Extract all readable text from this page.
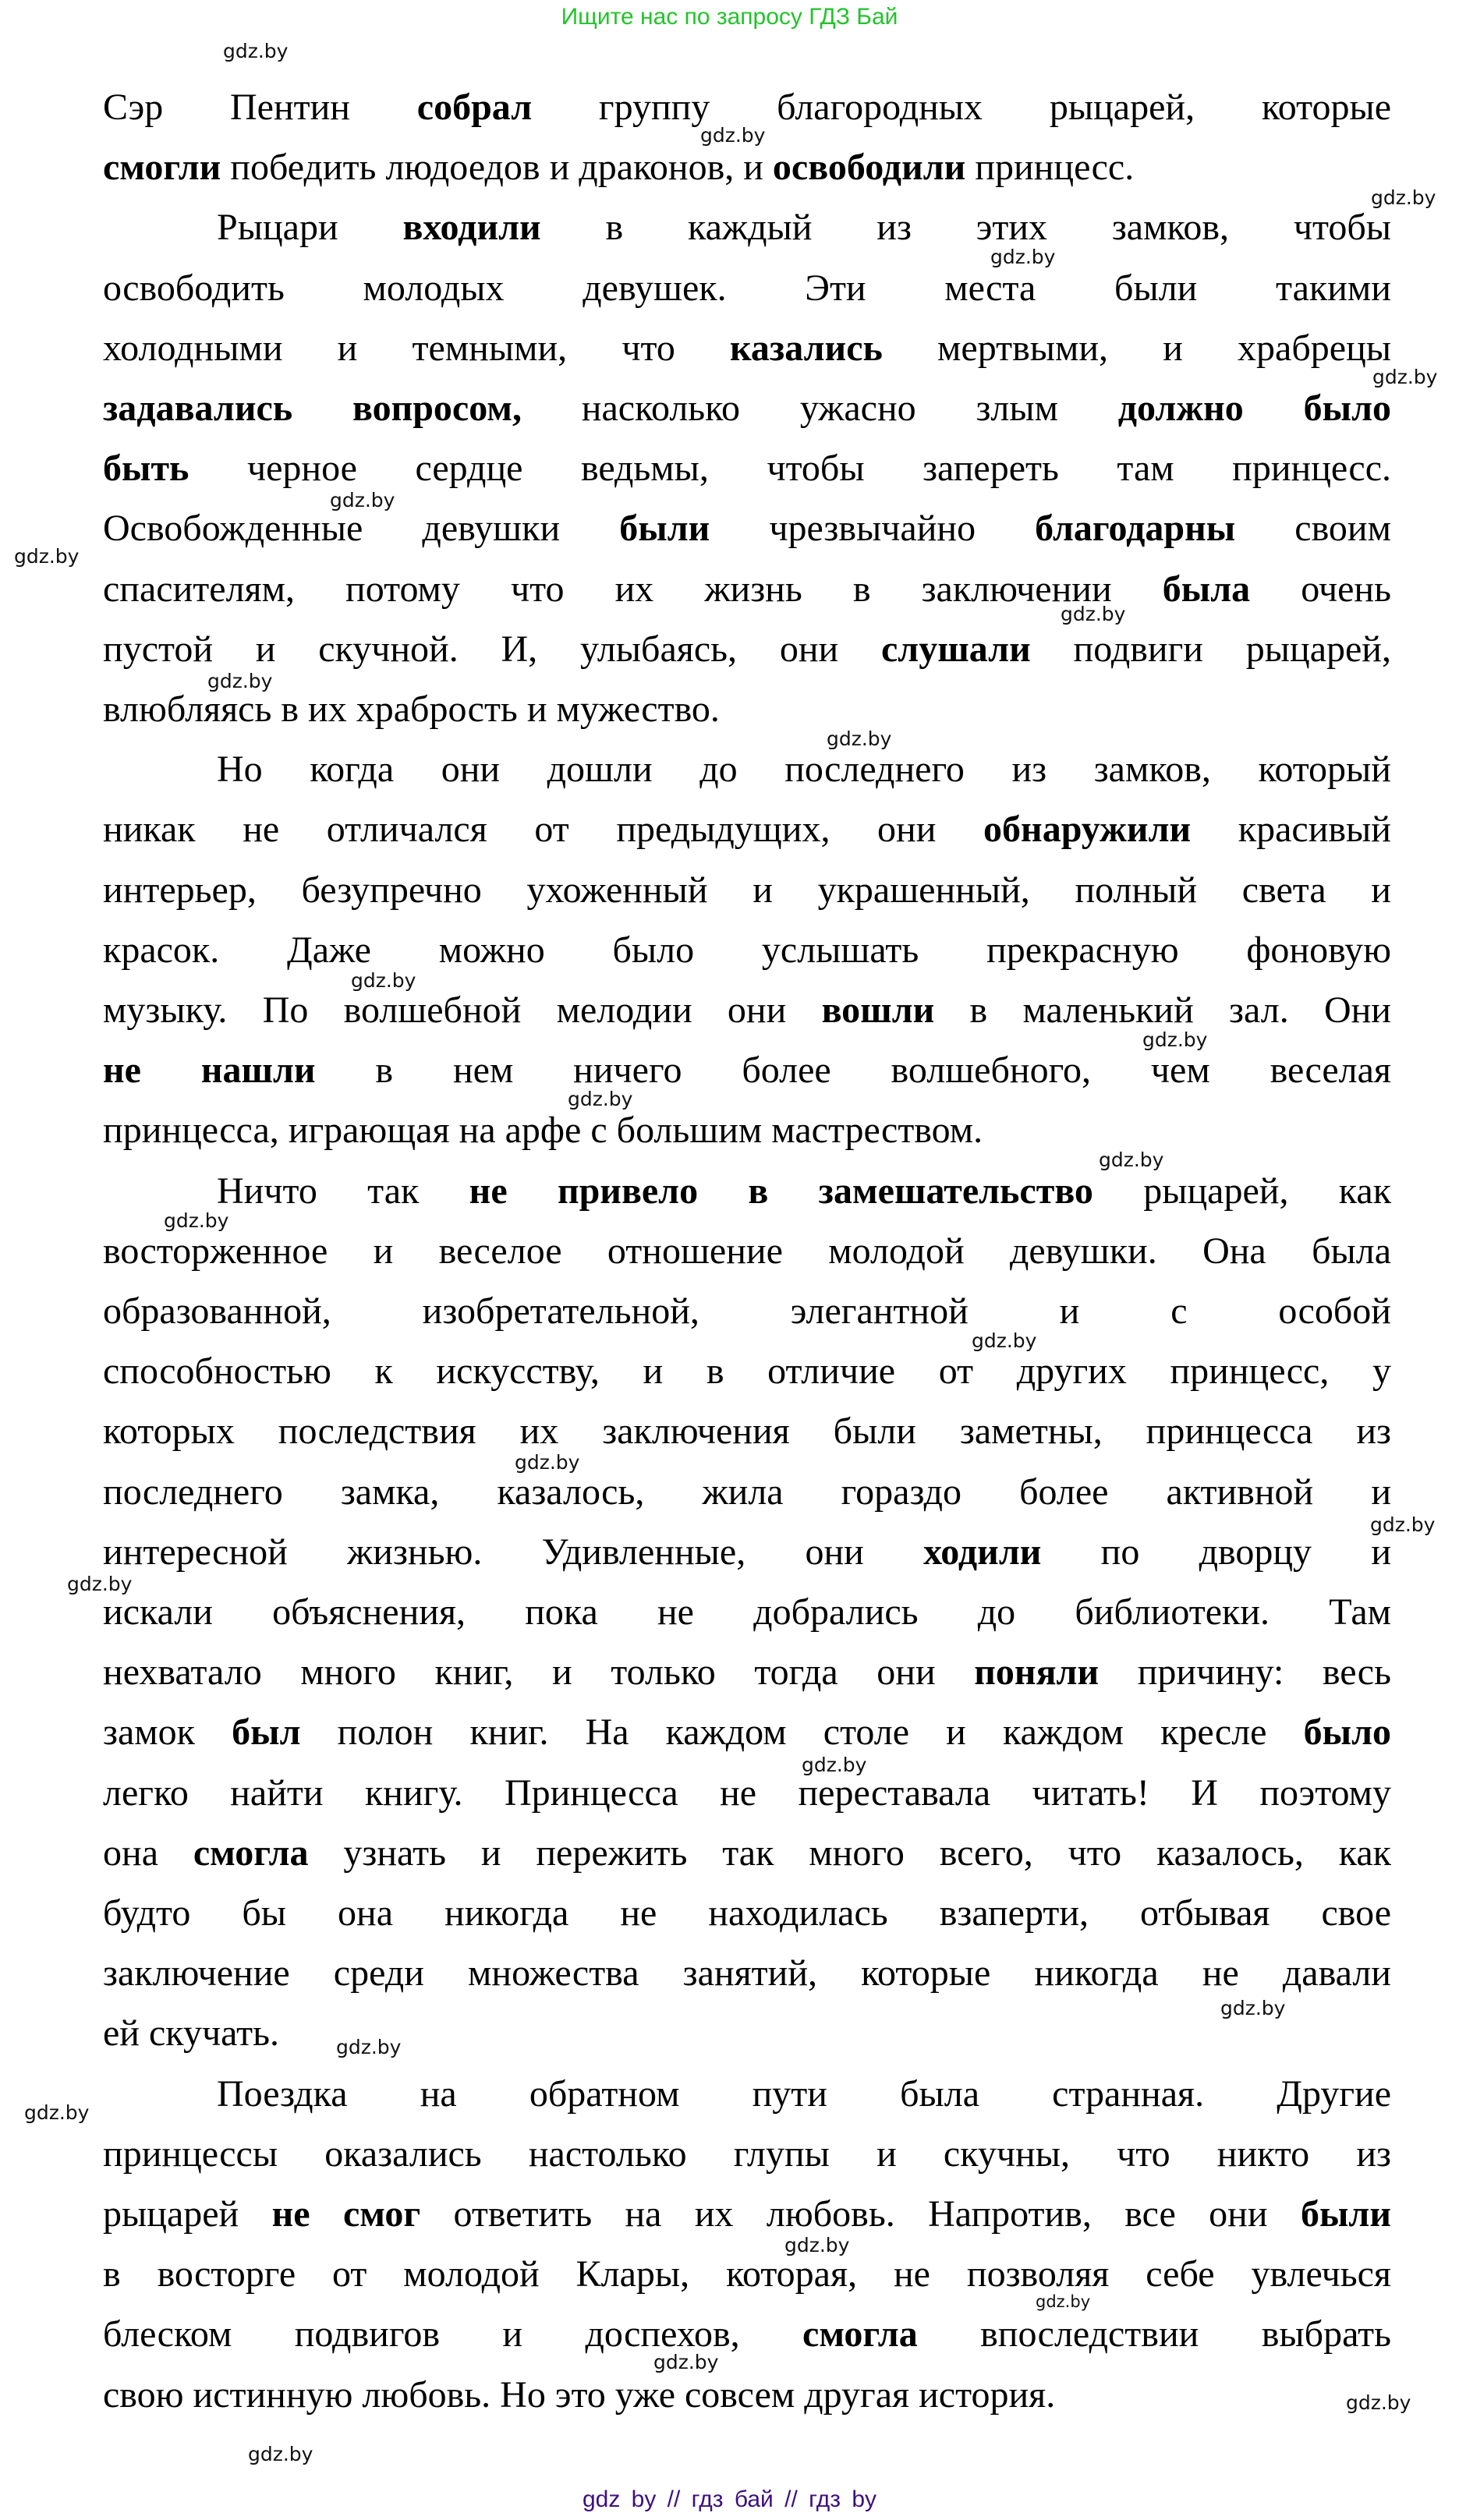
Ищите нас по запросу ГДЗ Бай
Сэр Пентин собрал группу благородных рыцарей, которые
смогли победить людоедов и драконов, и освободили принцесс.
Рыцари входили в каждый из этих замков, чтобы
освободить молодых девушек. Эти места были такими
холодными и темными, что казались мертвыми, и храбрецы
задавались вопросом, насколько ужасно злым должно было
быть черное сердце ведьмы, чтобы запереть там принцесс.
Освобожденные девушки были чрезвычайно благодарны своим
спасителям, потому что их жизнь в заключении была очень
пустой и скучной. И, улыбаясь, они слушали подвиги рыцарей,
влюбляясь в их храбрость и мужество.
Но когда они дошли до последнего из замков, который
никак не отличался от предыдущих, они обнаружили красивый
интерьер, безупречно ухоженный и украшенный, полный света и
красок. Даже можно было услышать прекрасную фоновую
музыку. По волшебной мелодии они вошли в маленький зал. Они
не нашли в нем ничего более волшебного, чем веселая
принцесса, играющая на арфе с большим мастреством.
Ничто так не привело в замешательство рыцарей, как
восторженное и веселое отношение молодой девушки. Она была
образованной, изобретательной, элегантной и с особой
способностью к искусству, и в отличие от других принцесс, у
которых последствия их заключения были заметны, принцесса из
последнего замка, казалось, жила гораздо более активной и
интересной жизнью. Удивленные, они ходили по дворцу и
искали объяснения, пока не добрались до библиотеки. Там
нехватало много книг, и только тогда они поняли причину: весь
замок был полон книг. На каждом столе и каждом кресле было
легко найти книгу. Принцесса не переставала читать! И поэтому
она смогла узнать и пережить так много всего, что казалось, как
будто бы она никогда не находилась взаперти, отбывая свое
заключение среди множества занятий, которые никогда не давали
ей скучать.
Поездка на обратном пути была странная. Другие
принцессы оказались настолько глупы и скучны, что никто из
рыцарей не смог ответить на их любовь. Напротив, все они были
в восторге от молодой Клары, которая, не позволяя себе увлечься
блеском подвигов и доспехов, смогла впоследствии выбрать
свою истинную любовь. Но это уже совсем другая история.
gdz.by
gdz.by
gdz.by
gdz.by
gdz.by
gdz.by
gdz.by
gdz.by
gdz.by
gdz.by
gdz.by
gdz.by
gdz.by
gdz.by
gdz.by
gdz.by
gdz.by
gdz.by
gdz.by
gdz.by
gdz.by
gdz.by
gdz.by
gdz.by
gdz.by
gdz.by
gdz.by
gdz.by
gdz by // гдз бай // гдз by
